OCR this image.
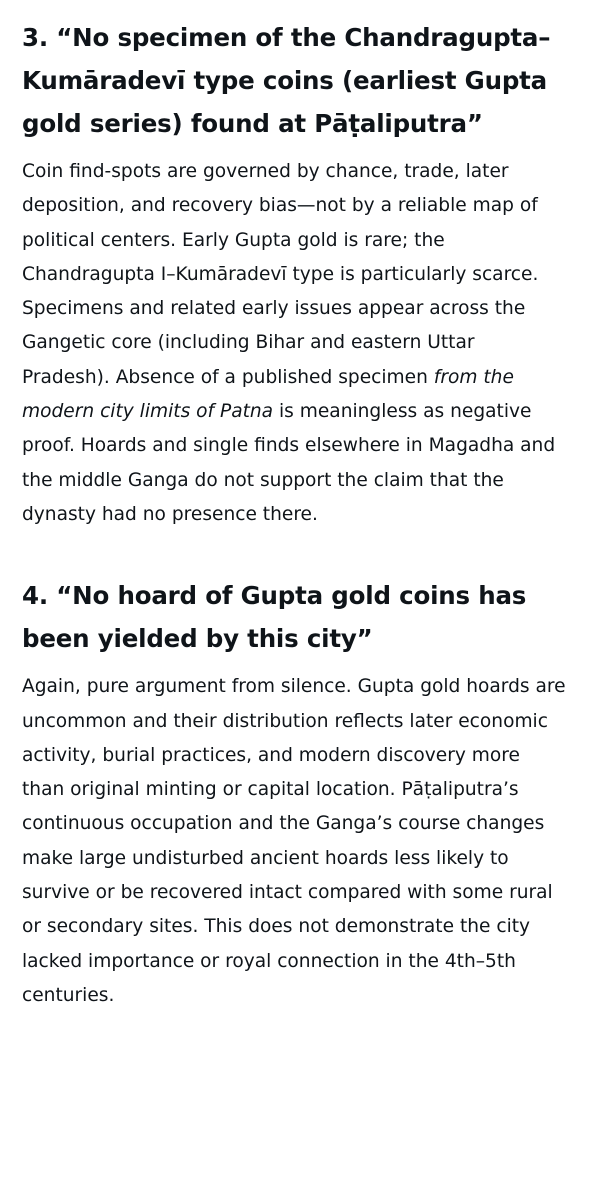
3. “No specimen of the Chandragupta–Kumāradevī type coins (earliest Gupta gold series) found at Pāṭaliputra”

Coin find-spots are governed by chance, trade, later deposition, and recovery bias—not by a reliable map of political centers. Early Gupta gold is rare; the Chandragupta I–Kumāradevī type is particularly scarce. Specimens and related early issues appear across the Gangetic core (including Bihar and eastern Uttar Pradesh). Absence of a published specimen from the modern city limits of Patna is meaningless as negative proof. Hoards and single finds elsewhere in Magadha and the middle Ganga do not support the claim that the dynasty had no presence there.

4. “No hoard of Gupta gold coins has been yielded by this city”

Again, pure argument from silence. Gupta gold hoards are uncommon and their distribution reflects later economic activity, burial practices, and modern discovery more than original minting or capital location. Pāṭaliputra’s continuous occupation and the Ganga’s course changes make large undisturbed ancient hoards less likely to survive or be recovered intact compared with some rural or secondary sites. This does not demonstrate the city lacked importance or royal connection in the 4th–5th centuries.
